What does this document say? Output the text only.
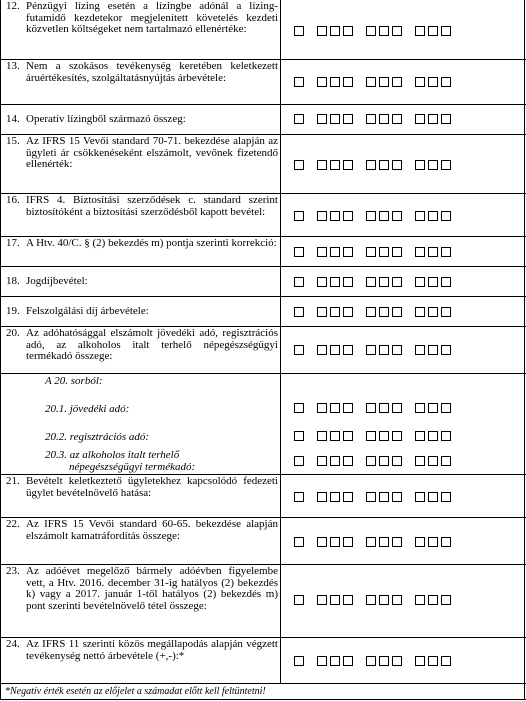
12. Pénzügyi lízing esetén a lízingbe adónál a lízing-futamidő kezdetekor megjelenített követelés kezdeti közvetlen költségeket nem tartalmazó ellenértéke:
13. Nem a szokásos tevékenység keretében keletkezett áruértékesítés, szolgáltatásnyújtás árbevétele:
14. Operatív lízingből származó összeg:
15. Az IFRS 15 Vevői standard 70-71. bekezdése alapján az ügyleti ár csökkenéseként elszámolt, vevőnek fizetendő ellenérték:
16. IFRS 4. Biztosítási szerződések c. standard szerint biztosítóként a biztosítási szerződésből kapott bevétel:
17. A Htv. 40/C. § (2) bekezdés m) pontja szerinti korrekció:
18. Jogdíjbevétel:
19. Felszolgálási díj árbevétele:
20. Az adóhatósággal elszámolt jövedéki adó, regisztrációs adó, az alkoholos italt terhelő népegészségügyi termékadó összege:
A 20. sorból:
20.1. jövedéki adó:
20.2. regisztrációs adó:
20.3. az alkoholos italt terhelő
népegészségügyi termékadó:
21. Bevételt keletkeztető ügyletekhez kapcsolódó fedezeti ügylet bevételnövelő hatása:
22. Az IFRS 15 Vevői standard 60-65. bekezdése alapján elszámolt kamatráfordítás összege:
23. Az adóévet megelőző bármely adóévben figyelembe vett, a Htv. 2016. december 31-ig hatályos (2) bekezdés k) vagy a 2017. január 1-től hatályos (2) bekezdés m) pont szerinti bevételnövelő tétel összege:
24. Az IFRS 11 szerinti közös megállapodás alapján végzett tevékenység nettó árbevétele (+,-):*
*Negatív érték esetén az előjelet a számadat előtt kell feltüntetni!
